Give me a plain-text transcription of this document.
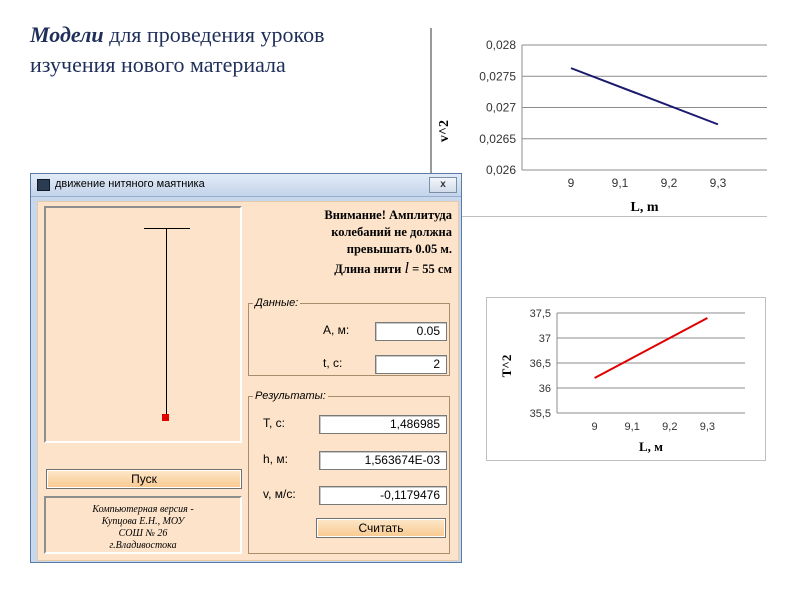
Модели для проведения уроков
изучения нового материала
0,026
0,0265
0,027
0,0275
0,028
9	9,1	9,2	9,3
L, m
v^2
35,5
36
36,5
37
37,5
9 9,1 9,2 9,3
L, м
T^2
движение нитяного маятника	x
Пуск
Компьютерная версия -
Купцова Е.Н., МОУ
СОШ № 26
г.Владивостока
Внимание! Амплитуда
колебаний не должна
превышать 0.05 м.
Длина нити l = 55 см
Данные:
А, м:	0.05
t, с:	2
Результаты:
Т, с:	1,486985
h, м:	1,563674E-03
v, м/с:	-0,1179476
Считать
